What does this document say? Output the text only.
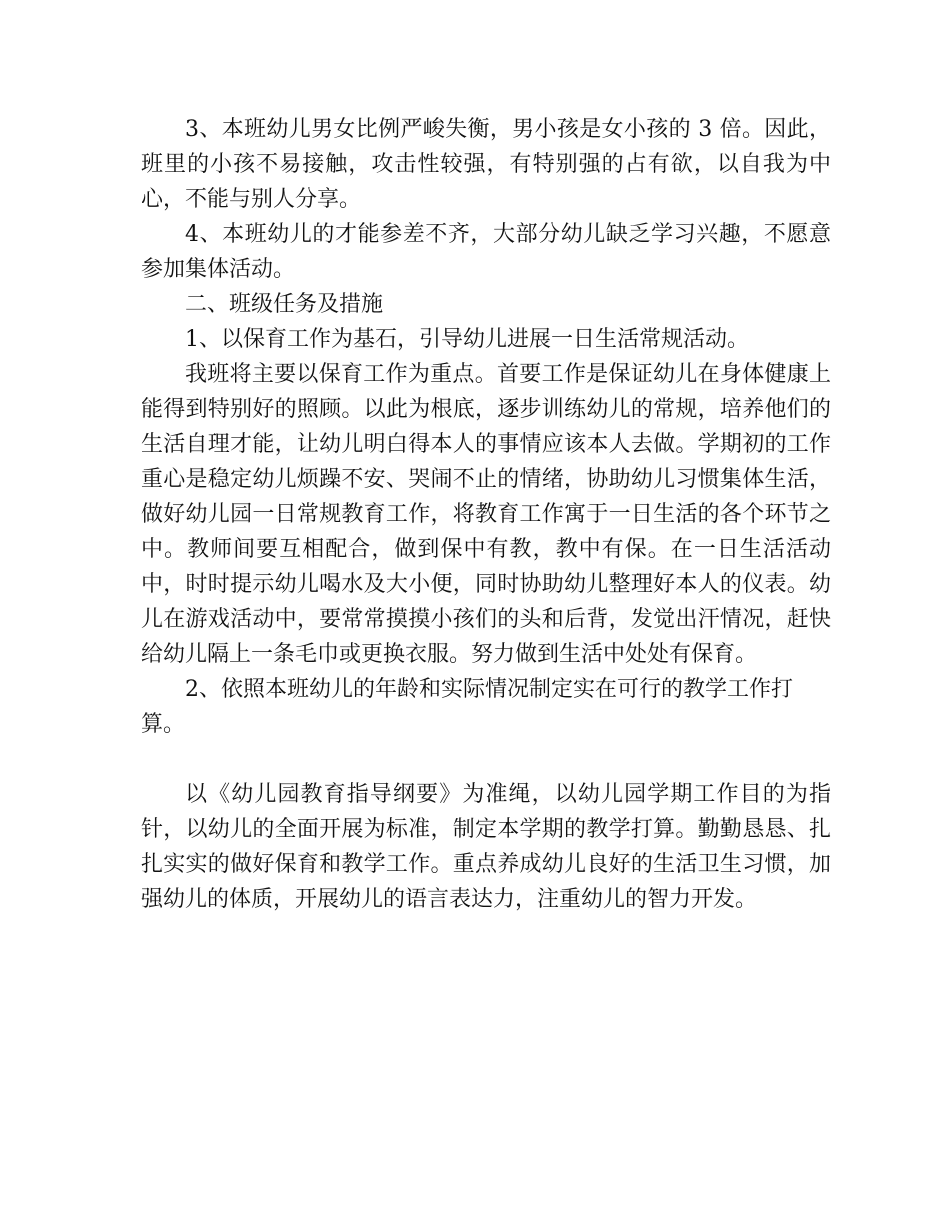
3、本班幼儿男女比例严峻失衡，男小孩是女小孩的 3 倍。因此，班里的小孩不易接触，攻击性较强，有特别强的占有欲，以自我为中心，不能与别人分享。

4、本班幼儿的才能参差不齐，大部分幼儿缺乏学习兴趣，不愿意参加集体活动。

二、班级任务及措施

1、以保育工作为基石，引导幼儿进展一日生活常规活动。

我班将主要以保育工作为重点。首要工作是保证幼儿在身体健康上能得到特别好的照顾。以此为根底，逐步训练幼儿的常规，培养他们的生活自理才能，让幼儿明白得本人的事情应该本人去做。学期初的工作重心是稳定幼儿烦躁不安、哭闹不止的情绪，协助幼儿习惯集体生活，做好幼儿园一日常规教育工作，将教育工作寓于一日生活的各个环节之中。教师间要互相配合，做到保中有教，教中有保。在一日生活活动中，时时提示幼儿喝水及大小便，同时协助幼儿整理好本人的仪表。幼儿在游戏活动中，要常常摸摸小孩们的头和后背，发觉出汗情况，赶快给幼儿隔上一条毛巾或更换衣服。努力做到生活中处处有保育。

2、依照本班幼儿的年龄和实际情况制定实在可行的教学工作打算。

以《幼儿园教育指导纲要》为准绳，以幼儿园学期工作目的为指针，以幼儿的全面开展为标准，制定本学期的教学打算。勤勤恳恳、扎扎实实的做好保育和教学工作。重点养成幼儿良好的生活卫生习惯，加强幼儿的体质，开展幼儿的语言表达力，注重幼儿的智力开发。
